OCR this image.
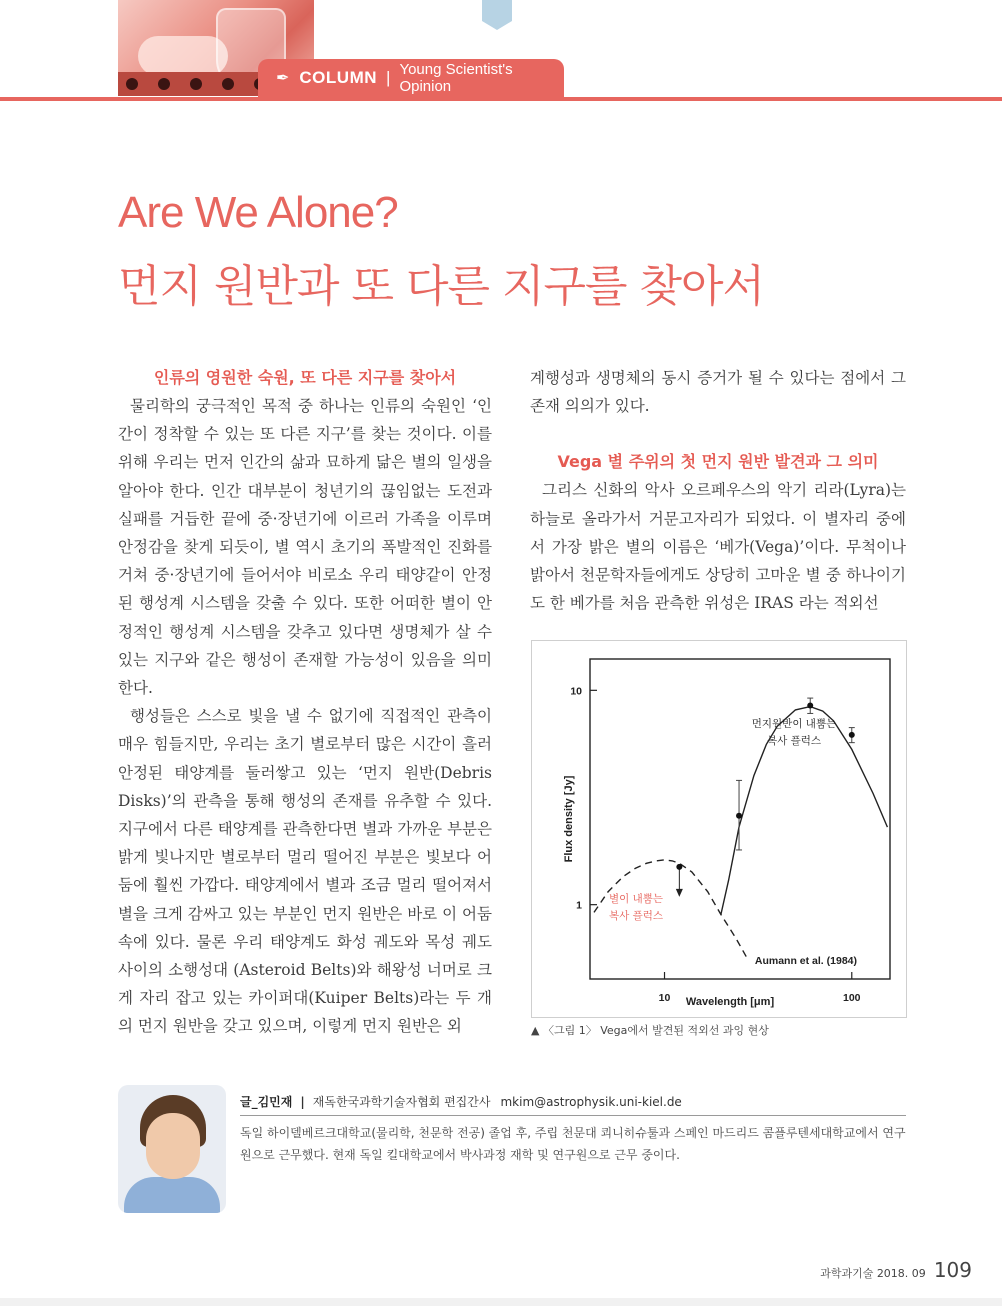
✒ COLUMN | Young Scientist's Opinion
Are We Alone?
먼지 원반과 또 다른 지구를 찾아서
인류의 영원한 숙원, 또 다른 지구를 찾아서

물리학의 궁극적인 목적 중 하나는 인류의 숙원인 ‘인간이 정착할 수 있는 또 다른 지구’를 찾는 것이다. 이를 위해 우리는 먼저 인간의 삶과 묘하게 닮은 별의 일생을 알아야 한다. 인간 대부분이 청년기의 끊임없는 도전과 실패를 거듭한 끝에 중·장년기에 이르러 가족을 이루며 안정감을 찾게 되듯이, 별 역시 초기의 폭발적인 진화를 거쳐 중·장년기에 들어서야 비로소 우리 태양같이 안정된 행성계 시스템을 갖출 수 있다. 또한 어떠한 별이 안정적인 행성계 시스템을 갖추고 있다면 생명체가 살 수 있는 지구와 같은 행성이 존재할 가능성이 있음을 의미한다.

행성들은 스스로 빛을 낼 수 없기에 직접적인 관측이 매우 힘들지만, 우리는 초기 별로부터 많은 시간이 흘러 안정된 태양계를 둘러쌓고 있는 ‘먼지 원반(Debris Disks)’의 관측을 통해 행성의 존재를 유추할 수 있다. 지구에서 다른 태양계를 관측한다면 별과 가까운 부분은 밝게 빛나지만 별로부터 멀리 떨어진 부분은 빛보다 어둠에 훨씬 가깝다. 태양계에서 별과 조금 멀리 떨어져서 별을 크게 감싸고 있는 부분인 먼지 원반은 바로 이 어둠속에 있다. 물론 우리 태양계도 화성 궤도와 목성 궤도 사이의 소행성대 (Asteroid Belts)와 해왕성 너머로 크게 자리 잡고 있는 카이퍼대(Kuiper Belts)라는 두 개의 먼지 원반을 갖고 있으며, 이렇게 먼지 원반은 외

계행성과 생명체의 동시 증거가 될 수 있다는 점에서 그 존재 의의가 있다.

Vega 별 주위의 첫 먼지 원반 발견과 그 의미

그리스 신화의 악사 오르페우스의 악기 리라(Lyra)는 하늘로 올라가서 거문고자리가 되었다. 이 별자리 중에서 가장 밝은 별의 이름은 ‘베가(Vega)’이다. 무척이나 밝아서 천문학자들에게도 상당히 고마운 별 중 하나이기도 한 베가를 처음 관측한 위성은 IRAS 라는 적외선

10	100
1
10
Flux density [Jy]
Wavelength [μm]
Aumann et al. (1984)
먼지원반이 내뿜는
복사 플럭스
별이 내뿜는
복사 플럭스
▲ 〈그림 1〉 Vega에서 발견된 적외선 과잉 현상
글_김민재 | 재독한국과학기술자협회 편집간사 mkim@astrophysik.uni-kiel.de
독일 하이델베르크대학교(물리학, 천문학 전공) 졸업 후, 주립 천문대 쾨니히슈툴과 스페인 마드리드 콤플루텐세대학교에서 연구원으로 근무했다. 현재 독일 킬대학교에서 박사과정 재학 및 연구원으로 근무 중이다.
과학과기술 2018. 09 109
